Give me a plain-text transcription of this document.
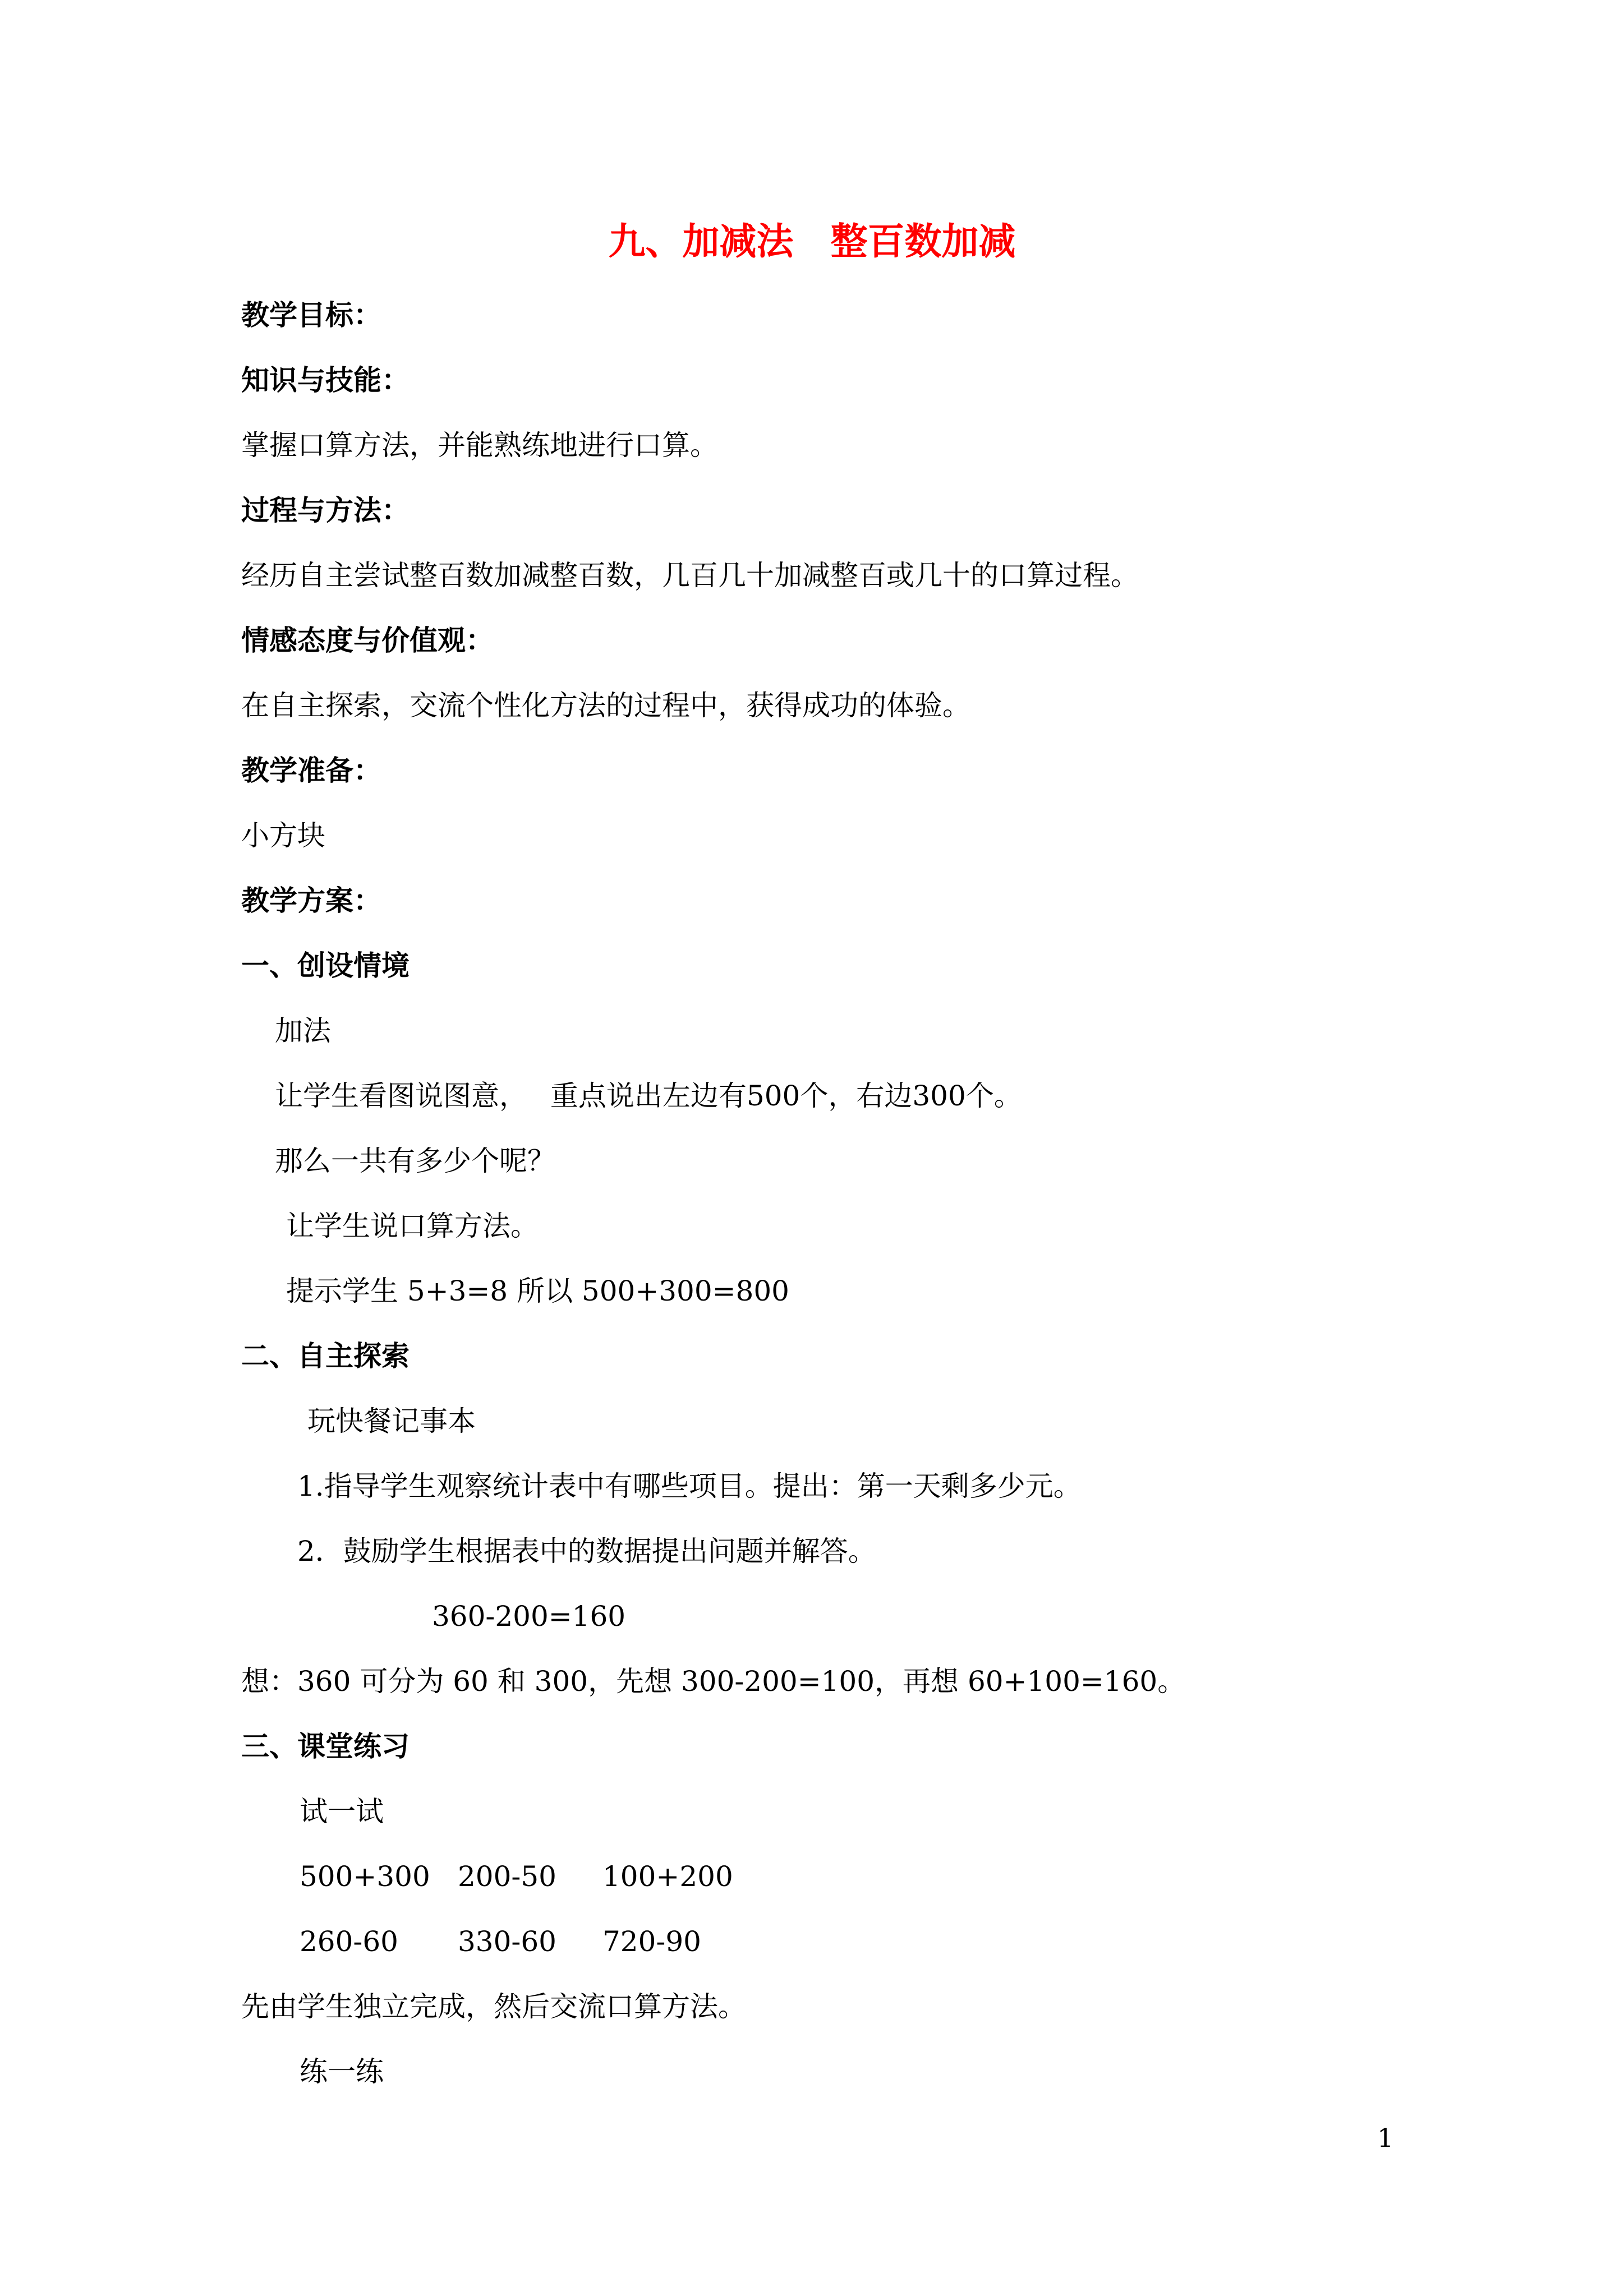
九、加减法　整百数加减
教学目标：
知识与技能：
掌握口算方法，并能熟练地进行口算。
过程与方法：
经历自主尝试整百数加减整百数，几百几十加减整百或几十的口算过程。
情感态度与价值观：
在自主探索，交流个性化方法的过程中，获得成功的体验。
教学准备：
小方块
教学方案：
一、创设情境
加法
让学生看图说图意，　 重点说出左边有500个，右边300个。
那么一共有多少个呢？
让学生说口算方法。
提示学生 5+3=8 所以 500+300=800
二、自主探索
玩快餐记事本
1.指导学生观察统计表中有哪些项目。提出：第一天剩多少元。
2．鼓励学生根据表中的数据提出问题并解答。
360-200=160
想：360 可分为 60 和 300，先想 300-200=100，再想 60+100=160。
三、课堂练习
试一试
500+300 200-50 100+200
260-60 330-60 720-90
先由学生独立完成，然后交流口算方法。
练一练
1
